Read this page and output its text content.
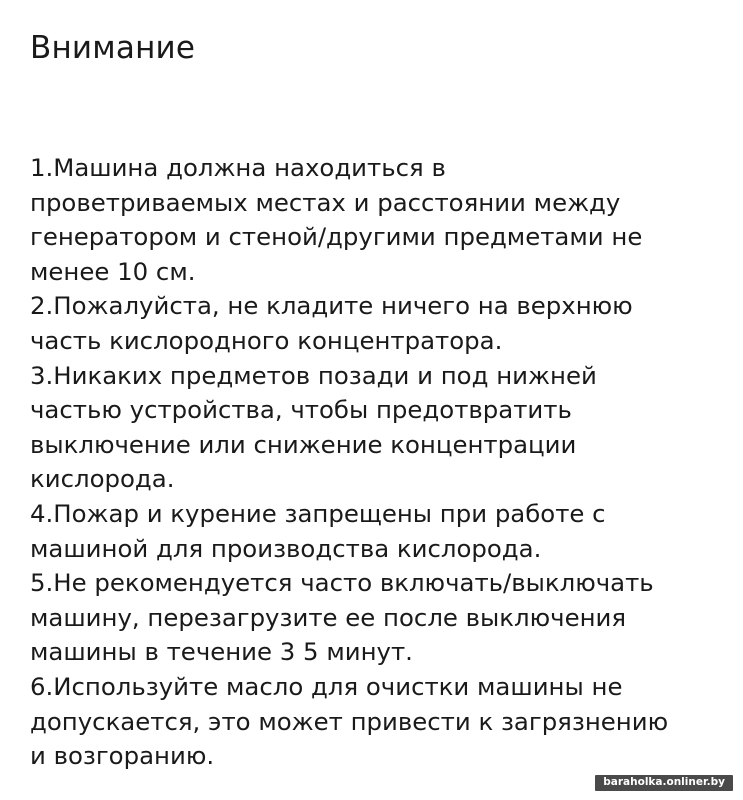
Внимание
1.Машина должна находиться в
проветриваемых местах и расстоянии между
генератором и стеной/другими предметами не
менее 10 см.
2.Пожалуйста, не кладите ничего на верхнюю
часть кислородного концентратора.
3.Никаких предметов позади и под нижней
частью устройства, чтобы предотвратить
выключение или снижение концентрации
кислорода.
4.Пожар и курение запрещены при работе с
машиной для производства кислорода.
5.Не рекомендуется часто включать/выключать
машину, перезагрузите ее после выключения
машины в течение 3 5 минут.
6.Используйте масло для очистки машины не
допускается, это может привести к загрязнению
и возгоранию.
baraholka.onliner.by
